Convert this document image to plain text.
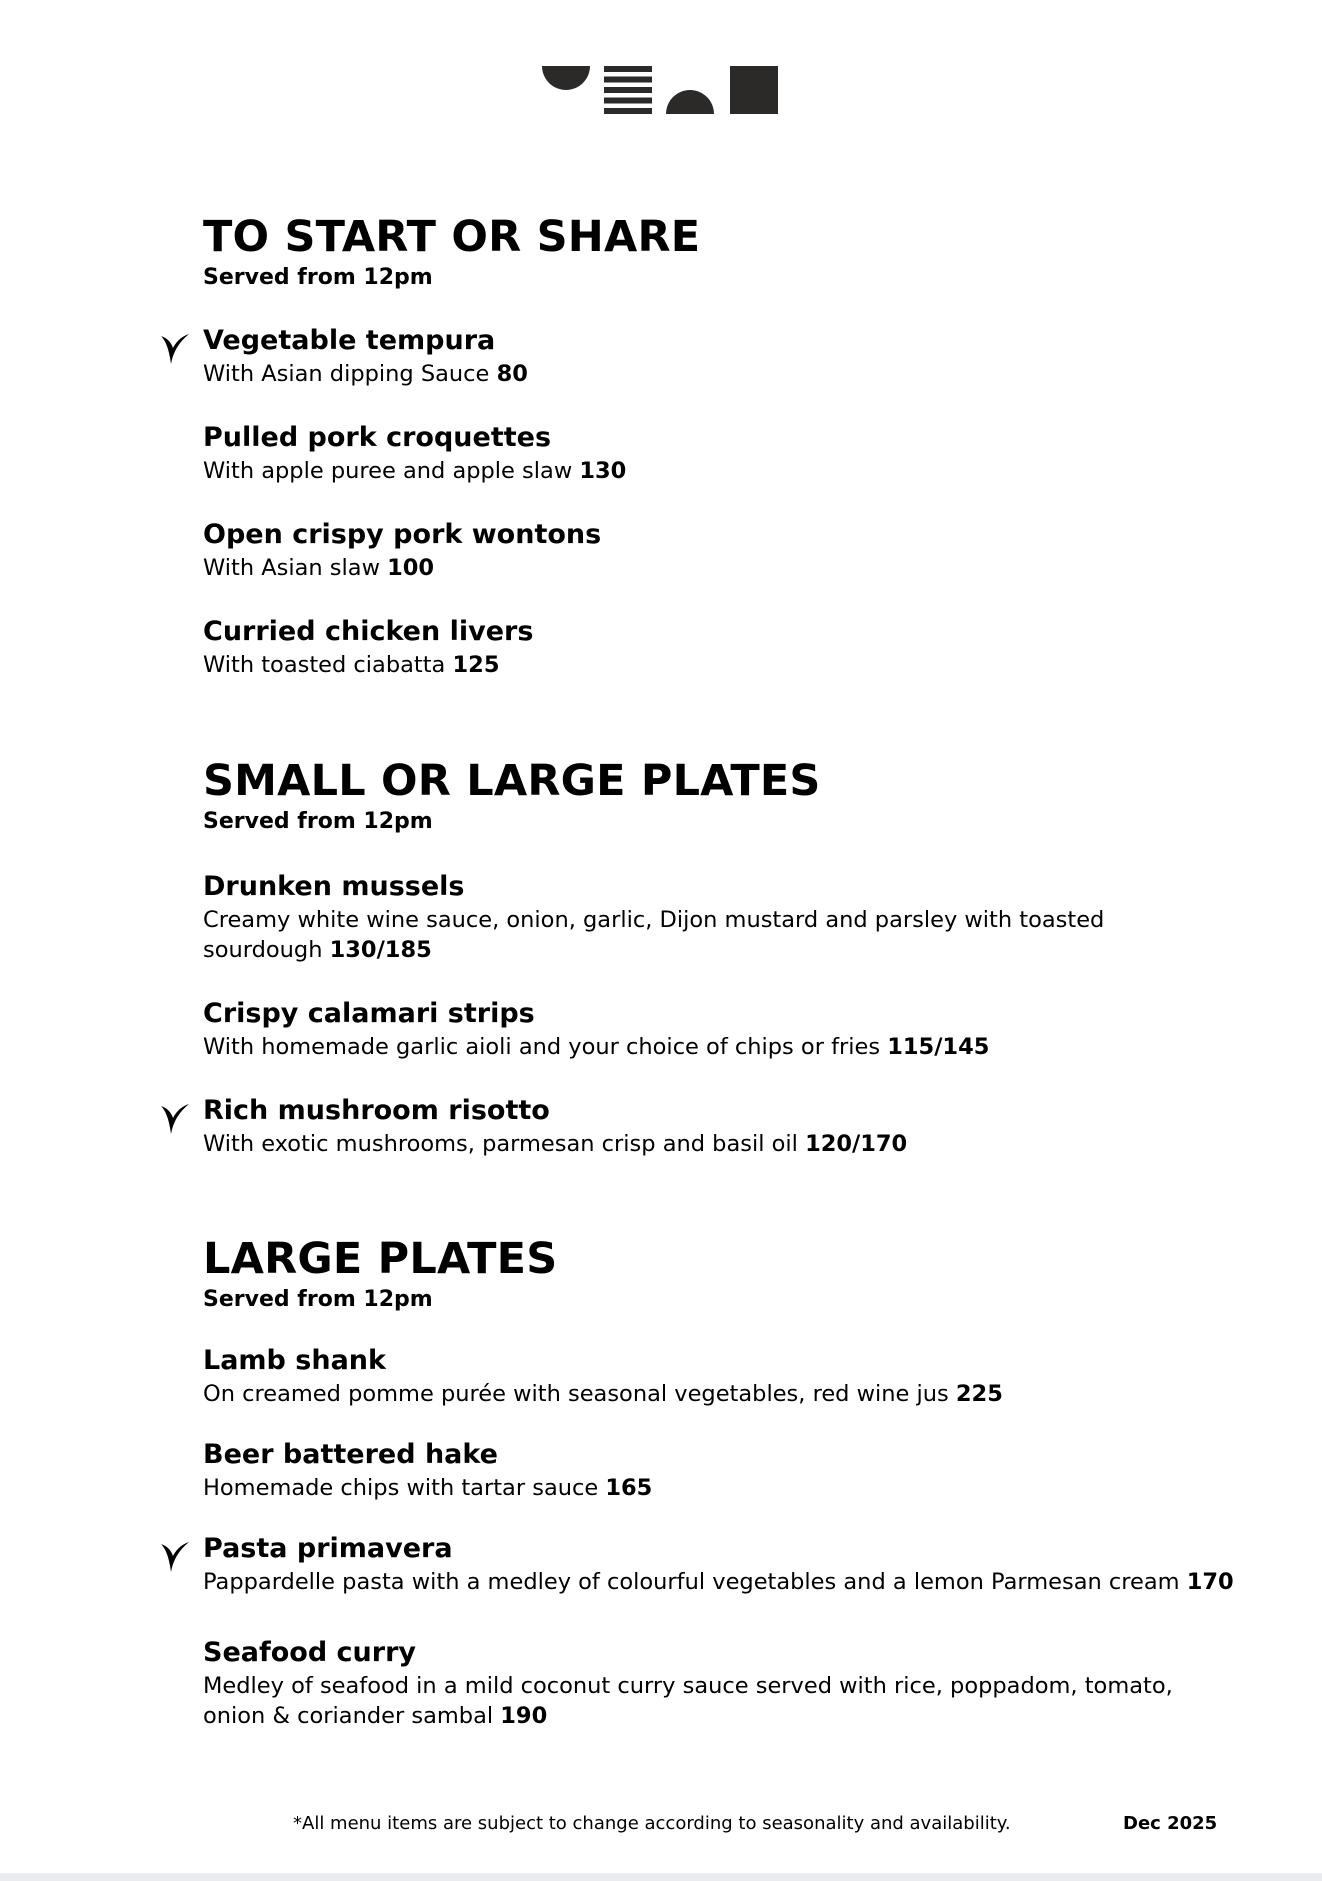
TO START OR SHARE
Served from 12pm
Vegetable tempura
With Asian dipping Sauce 80
Pulled pork croquettes
With apple puree and apple slaw 130
Open crispy pork wontons
With Asian slaw 100
Curried chicken livers
With toasted ciabatta 125
SMALL OR LARGE PLATES
Served from 12pm
Drunken mussels
Creamy white wine sauce, onion, garlic, Dijon mustard and parsley with toasted
sourdough 130/185
Crispy calamari strips
With homemade garlic aioli and your choice of chips or fries 115/145
Rich mushroom risotto
With exotic mushrooms, parmesan crisp and basil oil 120/170
LARGE PLATES
Served from 12pm
Lamb shank
On creamed pomme purée with seasonal vegetables, red wine jus 225
Beer battered hake
Homemade chips with tartar sauce 165
Pasta primavera
Pappardelle pasta with a medley of colourful vegetables and a lemon Parmesan cream 170
Seafood curry
Medley of seafood in a mild coconut curry sauce served with rice, poppadom, tomato,
onion & coriander sambal 190
*All menu items are subject to change according to seasonality and availability.	Dec 2025
